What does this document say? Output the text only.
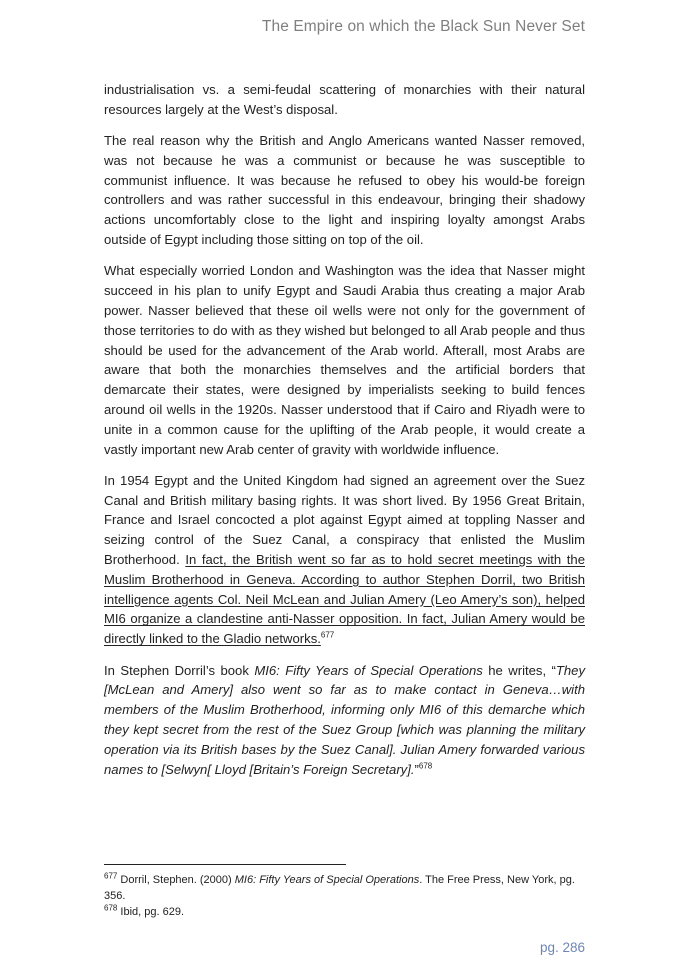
The Empire on which the Black Sun Never Set

industrialisation vs. a semi-feudal scattering of monarchies with their natural resources largely at the West’s disposal.

The real reason why the British and Anglo Americans wanted Nasser removed, was not because he was a communist or because he was susceptible to communist influence. It was because he refused to obey his would-be foreign controllers and was rather successful in this endeavour, bringing their shadowy actions uncomfortably close to the light and inspiring loyalty amongst Arabs outside of Egypt including those sitting on top of the oil.

What especially worried London and Washington was the idea that Nasser might succeed in his plan to unify Egypt and Saudi Arabia thus creating a major Arab power. Nasser believed that these oil wells were not only for the government of those territories to do with as they wished but belonged to all Arab people and thus should be used for the advancement of the Arab world. Afterall, most Arabs are aware that both the monarchies themselves and the artificial borders that demarcate their states, were designed by imperialists seeking to build fences around oil wells in the 1920s. Nasser understood that if Cairo and Riyadh were to unite in a common cause for the uplifting of the Arab people, it would create a vastly important new Arab center of gravity with worldwide influence.

In 1954 Egypt and the United Kingdom had signed an agreement over the Suez Canal and British military basing rights. It was short lived. By 1956 Great Britain, France and Israel concocted a plot against Egypt aimed at toppling Nasser and seizing control of the Suez Canal, a conspiracy that enlisted the Muslim Brotherhood. In fact, the British went so far as to hold secret meetings with the Muslim Brotherhood in Geneva. According to author Stephen Dorril, two British intelligence agents Col. Neil McLean and Julian Amery (Leo Amery’s son), helped MI6 organize a clandestine anti-Nasser opposition. In fact, Julian Amery would be directly linked to the Gladio networks.$^{677}$

In Stephen Dorril’s book MI6: Fifty Years of Special Operations he writes, “They [McLean and Amery] also went so far as to make contact in Geneva…with members of the Muslim Brotherhood, informing only MI6 of this demarche which they kept secret from the rest of the Suez Group [which was planning the military operation via its British bases by the Suez Canal]. Julian Amery forwarded various names to [Selwyn[ Lloyd [Britain’s Foreign Secretary].”$^{678}$

$^{677}$ Dorril, Stephen. (2000) MI6: Fifty Years of Special Operations. The Free Press, New York, pg. 356.

$^{678}$ Ibid, pg. 629.

pg. 286
